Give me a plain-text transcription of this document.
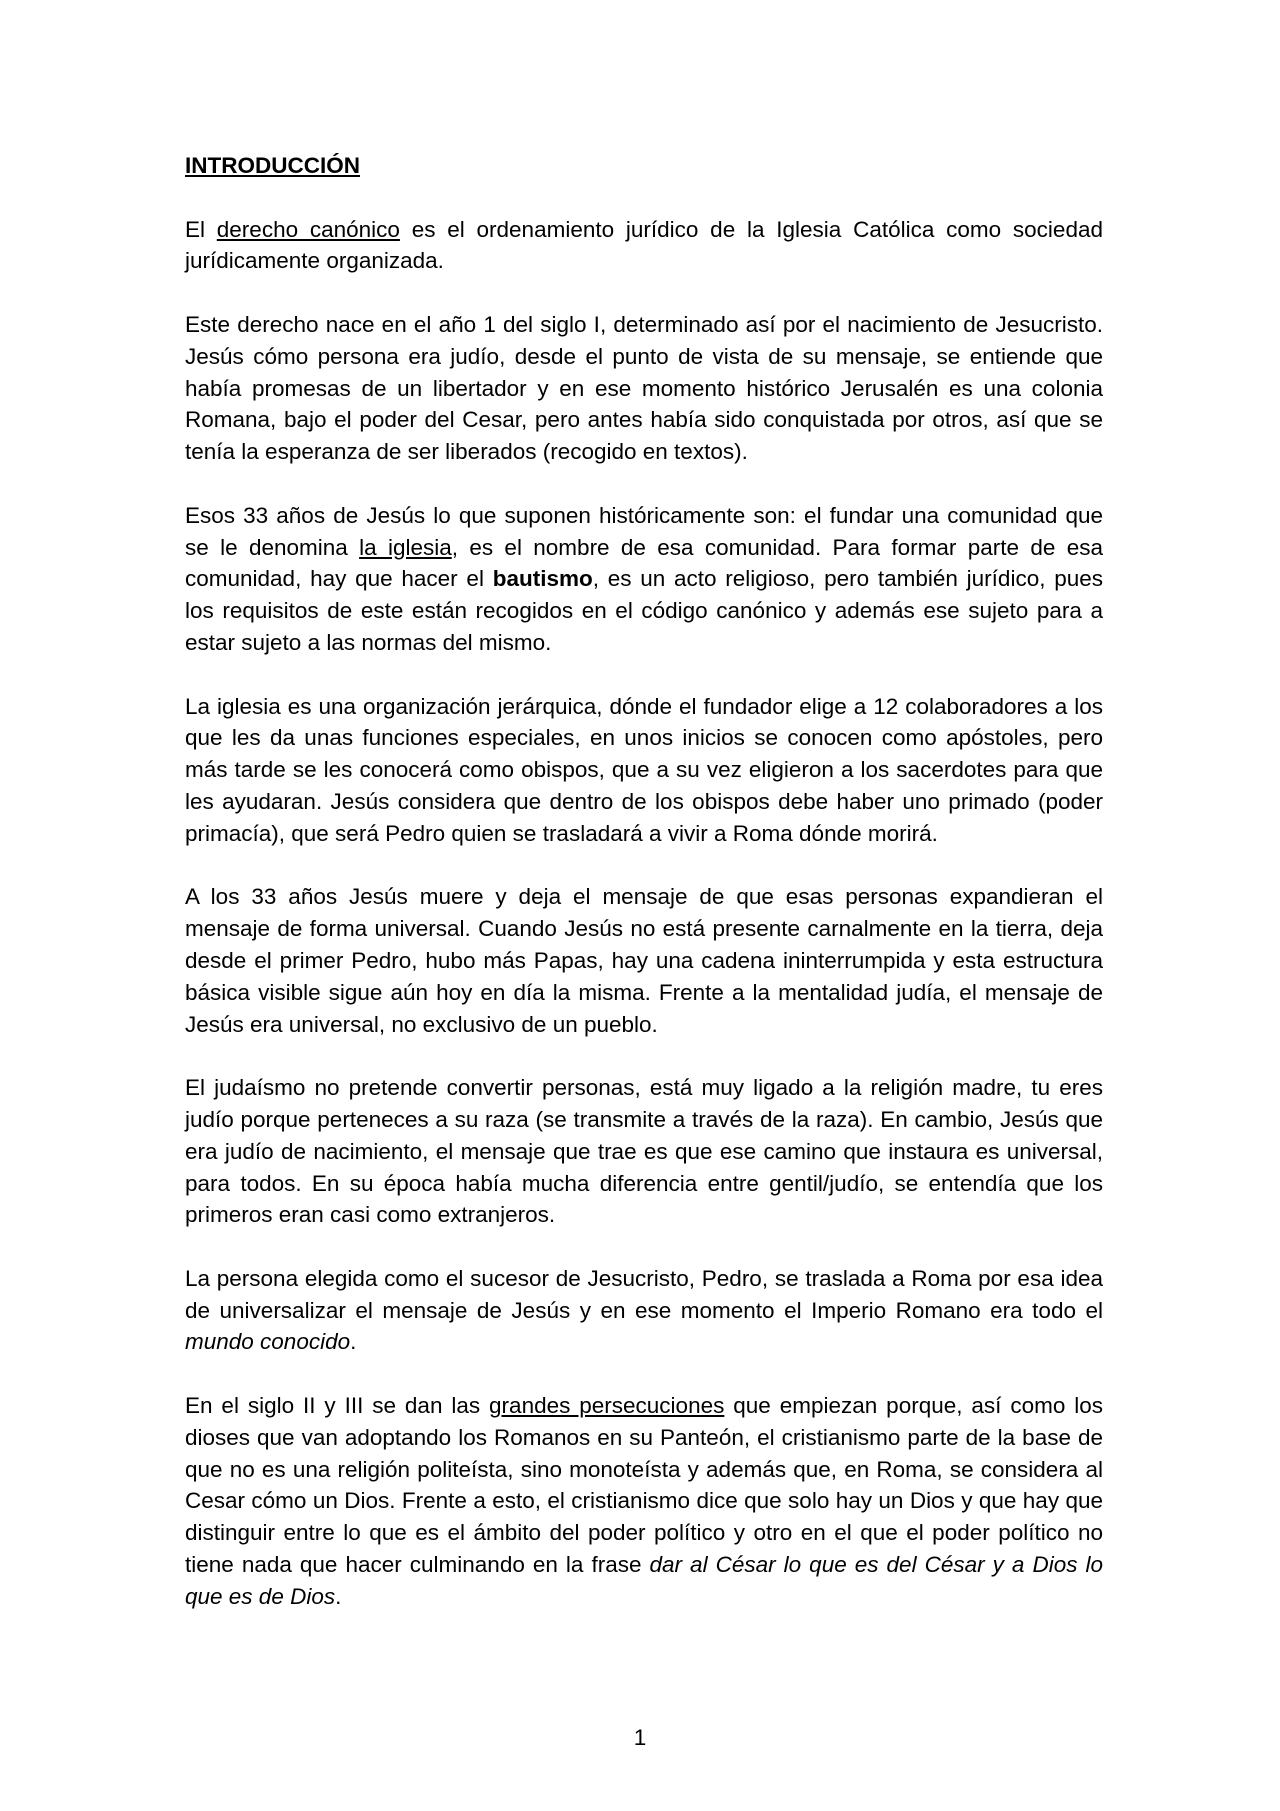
INTRODUCCIÓN

El derecho canónico es el ordenamiento jurídico de la Iglesia Católica como sociedad jurídicamente organizada.

Este derecho nace en el año 1 del siglo I, determinado así por el nacimiento de Jesucristo. Jesús cómo persona era judío, desde el punto de vista de su mensaje, se entiende que había promesas de un libertador y en ese momento histórico Jerusalén es una colonia Romana, bajo el poder del Cesar, pero antes había sido conquistada por otros, así que se tenía la esperanza de ser liberados (recogido en textos).

Esos 33 años de Jesús lo que suponen históricamente son: el fundar una comunidad que se le denomina la iglesia, es el nombre de esa comunidad. Para formar parte de esa comunidad, hay que hacer el bautismo, es un acto religioso, pero también jurídico, pues los requisitos de este están recogidos en el código canónico y además ese sujeto para a estar sujeto a las normas del mismo.

La iglesia es una organización jerárquica, dónde el fundador elige a 12 colaboradores a los que les da unas funciones especiales, en unos inicios se conocen como apóstoles, pero más tarde se les conocerá como obispos, que a su vez eligieron a los sacerdotes para que les ayudaran. Jesús considera que dentro de los obispos debe haber uno primado (poder primacía), que será Pedro quien se trasladará a vivir a Roma dónde morirá.

A los 33 años Jesús muere y deja el mensaje de que esas personas expandieran el mensaje de forma universal. Cuando Jesús no está presente carnalmente en la tierra, deja desde el primer Pedro, hubo más Papas, hay una cadena ininterrumpida y esta estructura básica visible sigue aún hoy en día la misma. Frente a la mentalidad judía, el mensaje de Jesús era universal, no exclusivo de un pueblo.

El judaísmo no pretende convertir personas, está muy ligado a la religión madre, tu eres judío porque perteneces a su raza (se transmite a través de la raza). En cambio, Jesús que era judío de nacimiento, el mensaje que trae es que ese camino que instaura es universal, para todos. En su época había mucha diferencia entre gentil/judío, se entendía que los primeros eran casi como extranjeros.

La persona elegida como el sucesor de Jesucristo, Pedro, se traslada a Roma por esa idea de universalizar el mensaje de Jesús y en ese momento el Imperio Romano era todo el mundo conocido.

En el siglo II y III se dan las grandes persecuciones que empiezan porque, así como los dioses que van adoptando los Romanos en su Panteón, el cristianismo parte de la base de que no es una religión politeísta, sino monoteísta y además que, en Roma, se considera al Cesar cómo un Dios. Frente a esto, el cristianismo dice que solo hay un Dios y que hay que distinguir entre lo que es el ámbito del poder político y otro en el que el poder político no tiene nada que hacer culminando en la frase dar al César lo que es del César y a Dios lo que es de Dios.

1
